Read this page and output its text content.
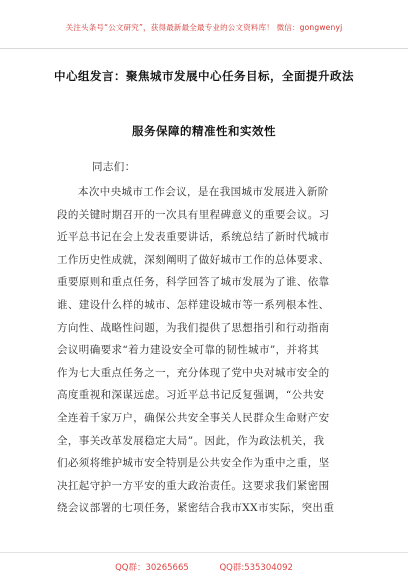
关注头条号“公文研究”，获得最新最全最专业的公文资料库！ 微信：gongwenyj
中心组发言：聚焦城市发展中心任务目标，全面提升政法
服务保障的精准性和实效性
同志们：
本次中央城市工作会议，是在我国城市发展进入新阶
段的关键时期召开的一次具有里程碑意义的重要会议。习
近平总书记在会上发表重要讲话，系统总结了新时代城市
工作历史性成就，深刻阐明了做好城市工作的总体要求、
重要原则和重点任务，科学回答了城市发展为了谁、依靠
谁、建设什么样的城市、怎样建设城市等一系列根本性、
方向性、战略性问题，为我们提供了思想指引和行动指南
会议明确要求“着力建设安全可靠的韧性城市”，并将其
作为七大重点任务之一，充分体现了党中央对城市安全的
高度重视和深谋远虑。习近平总书记反复强调，“公共安
全连着千家万户，确保公共安全事关人民群众生命财产安
全，事关改革发展稳定大局”。因此，作为政法机关，我
们必须将维护城市安全特别是公共安全作为重中之重，坚
决扛起守护一方平安的重大政治责任。这要求我们紧密围
绕会议部署的七项任务，紧密结合我市XX市实际，突出重
QQ群：30265665	QQ群:535304092
